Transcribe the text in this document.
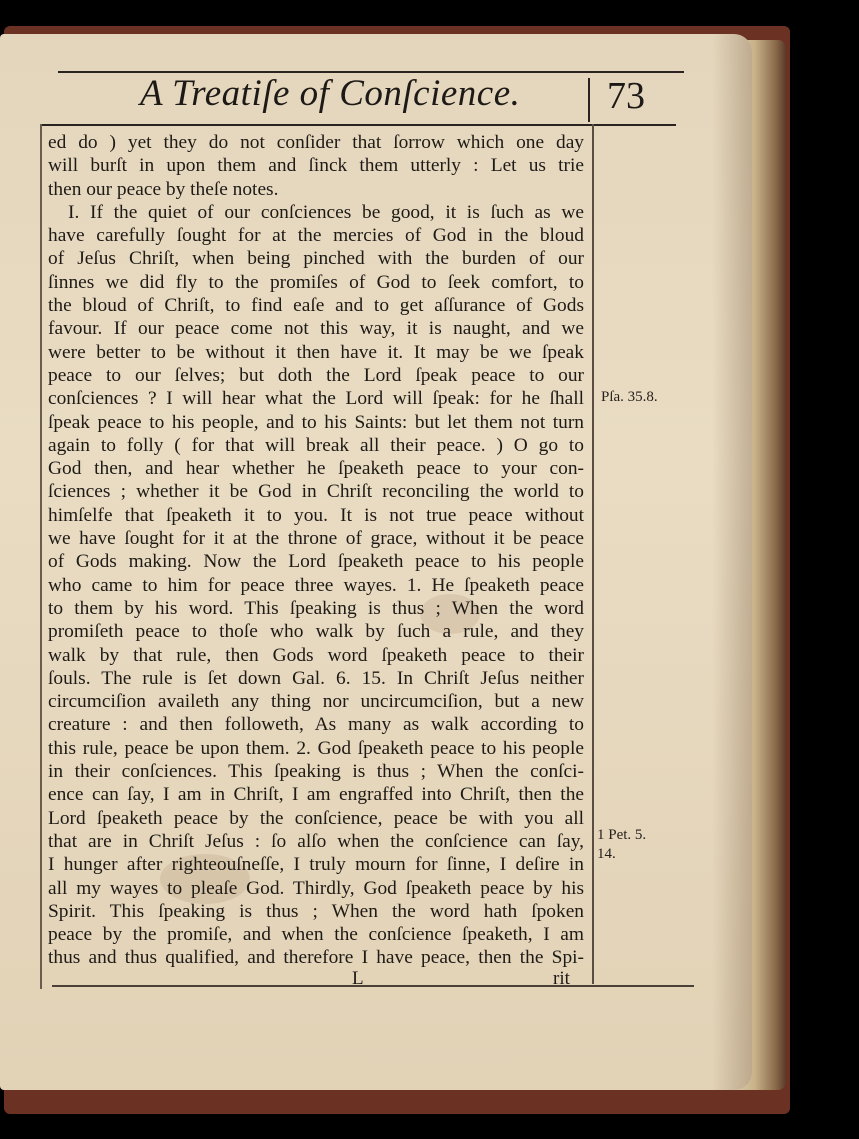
A Treatiſe of Conſcience. 73

ed do ) yet they do not conſider that ſorrow which one day

will burſt in upon them and ſinck them utterly : Let us trie

then our peace by theſe notes.

I. If the quiet of our conſciences be good, it is ſuch as we

have carefully ſought for at the mercies of God in the bloud

of Jeſus Chriſt, when being pinched with the burden of our

ſinnes we did fly to the promiſes of God to ſeek comfort, to

the bloud of Chriſt, to find eaſe and to get aſſurance of Gods

favour. If our peace come not this way, it is naught, and we

were better to be without it then have it. It may be we ſpeak

peace to our ſelves; but doth the Lord ſpeak peace to our

conſciences ? I will hear what the Lord will ſpeak: for he ſhall

ſpeak peace to his people, and to his Saints: but let them not turn

again to folly ( for that will break all their peace. ) O go to

God then, and hear whether he ſpeaketh peace to your con-

ſciences ; whether it be God in Chriſt reconciling the world to

himſelfe that ſpeaketh it to you. It is not true peace without

we have ſought for it at the throne of grace, without it be peace

of Gods making. Now the Lord ſpeaketh peace to his people

who came to him for peace three wayes. 1. He ſpeaketh peace

to them by his word. This ſpeaking is thus ; When the word

promiſeth peace to thoſe who walk by ſuch a rule, and they

walk by that rule, then Gods word ſpeaketh peace to their

ſouls. The rule is ſet down Gal. 6. 15. In Chriſt Jeſus neither

circumciſion availeth any thing nor uncircumciſion, but a new

creature : and then followeth, As many as walk according to

this rule, peace be upon them. 2. God ſpeaketh peace to his people

in their conſciences. This ſpeaking is thus ; When the conſci-

ence can ſay, I am in Chriſt, I am engraffed into Chriſt, then the

Lord ſpeaketh peace by the conſcience, peace be with you all

that are in Chriſt Jeſus : ſo alſo when the conſcience can ſay,

I hunger after righteouſneſſe, I truly mourn for ſinne, I deſire in

all my wayes to pleaſe God. Thirdly, God ſpeaketh peace by his

Spirit. This ſpeaking is thus ; When the word hath ſpoken

peace by the promiſe, and when the conſcience ſpeaketh, I am

thus and thus qualified, and therefore I have peace, then the Spi-

Pſa. 35.8.
1 Pet. 5.
14.
L	rit
